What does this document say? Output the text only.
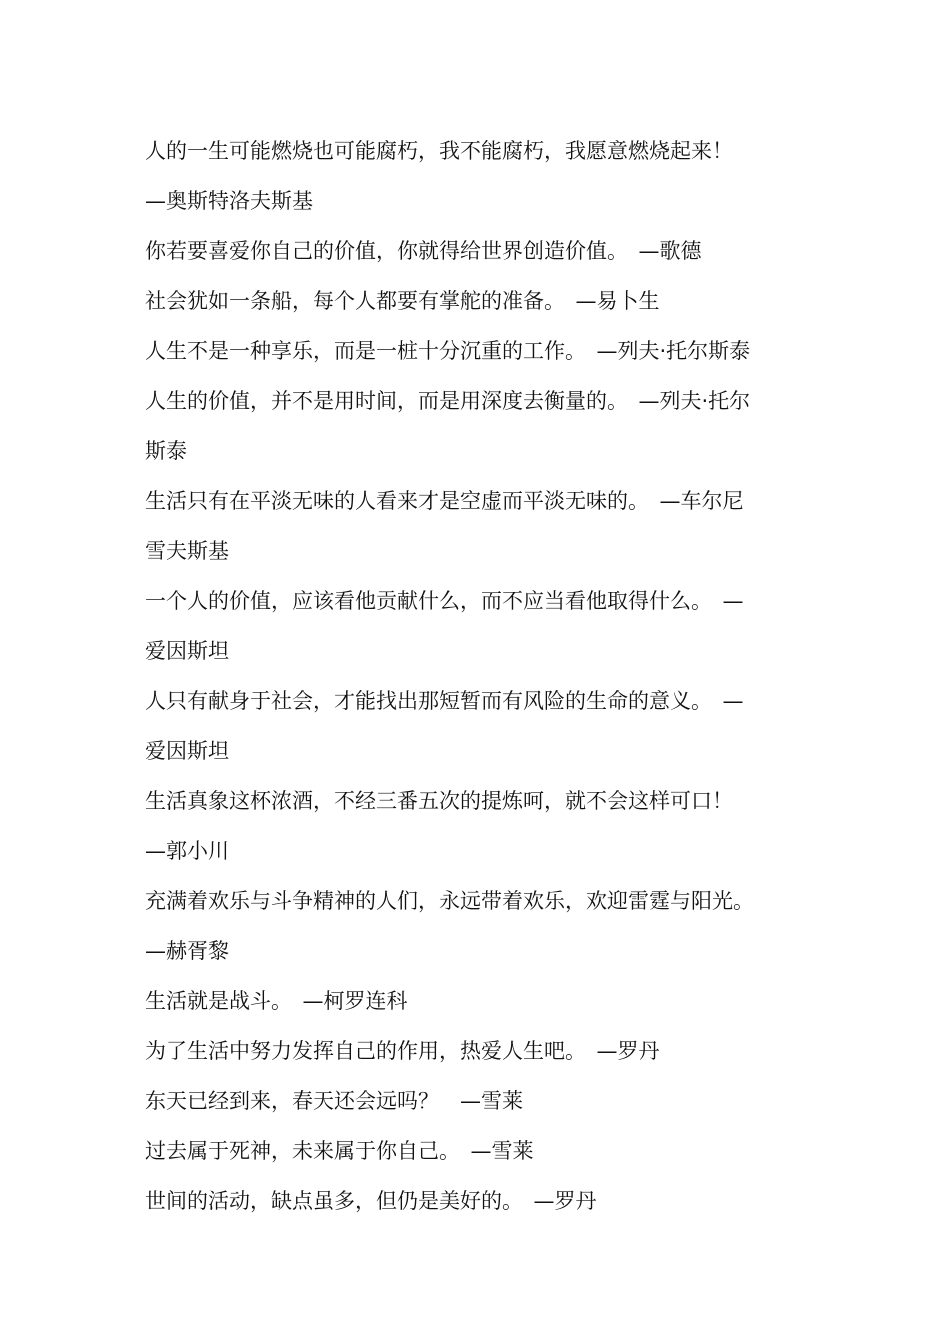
人的一生可能燃烧也可能腐朽，我不能腐朽，我愿意燃烧起来！
—奥斯特洛夫斯基
你若要喜爱你自己的价值，你就得给世界创造价值。　—歌德
社会犹如一条船，每个人都要有掌舵的准备。　—易卜生
人生不是一种享乐，而是一桩十分沉重的工作。　—列夫·托尔斯泰
人生的价值，并不是用时间，而是用深度去衡量的。　—列夫·托尔
斯泰
生活只有在平淡无味的人看来才是空虚而平淡无味的。　—车尔尼
雪夫斯基
一个人的价值，应该看他贡献什么，而不应当看他取得什么。　—
爱因斯坦
人只有献身于社会，才能找出那短暂而有风险的生命的意义。　—
爱因斯坦
生活真象这杯浓酒，不经三番五次的提炼呵，就不会这样可口！
—郭小川
充满着欢乐与斗争精神的人们，永远带着欢乐，欢迎雷霆与阳光。
—赫胥黎
生活就是战斗。　—柯罗连科
为了生活中努力发挥自己的作用，热爱人生吧。　—罗丹
东天已经到来，春天还会远吗？　—雪莱
过去属于死神，未来属于你自己。　—雪莱
世间的活动，缺点虽多，但仍是美好的。　—罗丹
